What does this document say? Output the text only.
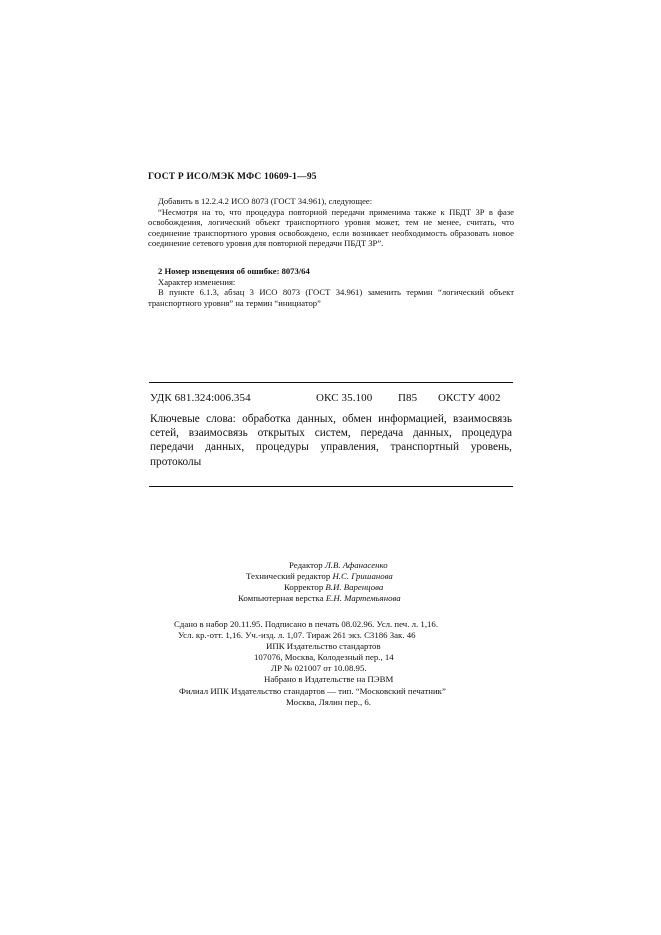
ГОСТ Р ИСО/МЭК МФС 10609-1—95

Добавить в 12.2.4.2 ИСО 8073 (ГОСТ 34.961), следующее:

“Несмотря на то, что процедура повторной передачи применима также к ПБДТ 3Р в фазе освобождения, логический объект транспортного уровня может, тем не менее, считать, что соединение транспортного уровня освобождено, если возникает необходимость образовать новое соединение сетевого уровня для повторной передачи ПБДТ 3Р”.

2 Номер извещения об ошибке: 8073/64

Характер изменения:

В пункте 6.1.3, абзац 3 ИСО 8073 (ГОСТ 34.961) заменить термин “логический объект транспортного уровня” на термин “инициатор”

УДК 681.324:006.354	ОКС 35.100 П85 ОКСТУ 4002
Ключевые слова: обработка данных, обмен информацией, взаимосвязь сетей, взаимосвязь открытых систем, передача данных, процедура передачи данных, процедуры управления, транспортный уровень, протоколы
Редактор Л.В. Афанасенко
Технический редактор Н.С. Гришанова
Корректор В.И. Варенцова
Компьютерная верстка Е.Н. Мартемьянова
Сдано в набор 20.11.95. Подписано в печать 08.02.96. Усл. печ. л. 1,16.
Усл. кр.-отт. 1,16. Уч.-изд. л. 1,07. Тираж 261 экз. С3186 Зак. 46
ИПК Издательство стандартов
107076, Москва, Колодезный пер., 14
ЛР № 021007 от 10.08.95.
Набрано в Издательстве на ПЭВМ
Филиал ИПК Издательство стандартов — тип. “Московский печатник”
Москва, Лялин пер., 6.
